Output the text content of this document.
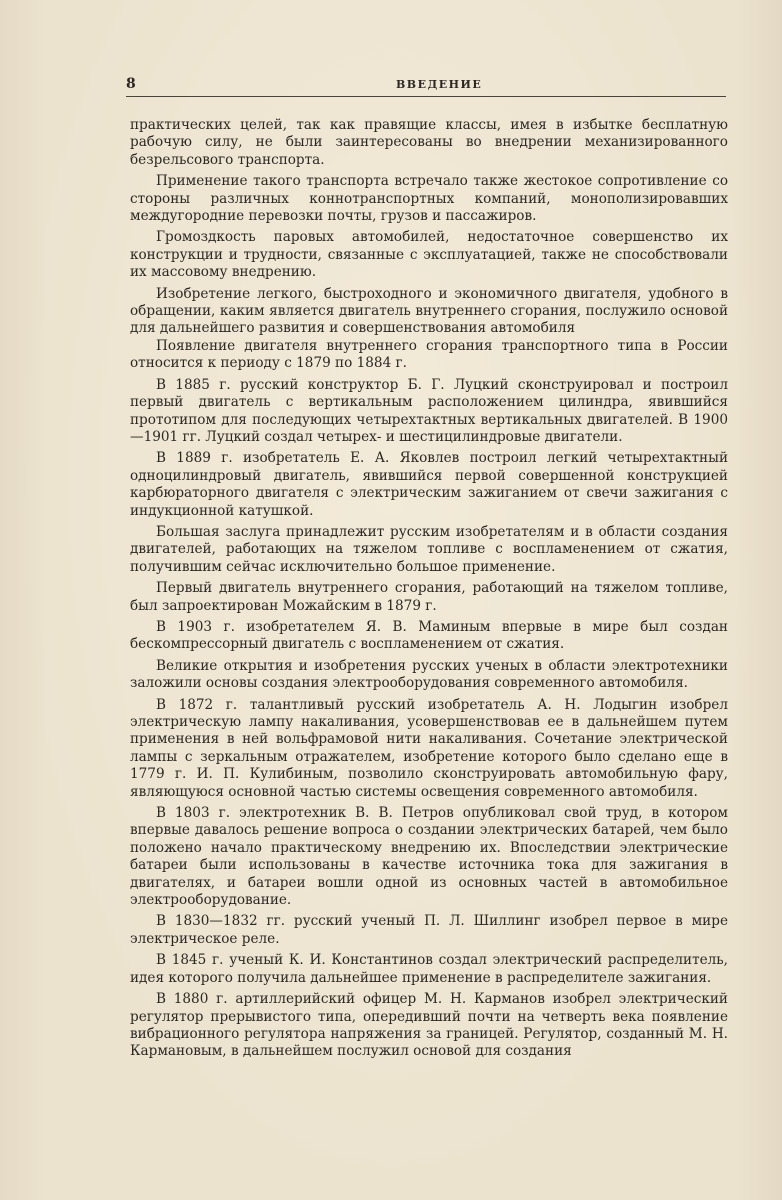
8	ВВЕДЕНИЕ

практических целей, так как правящие классы, имея в избытке бесплатную рабочую силу, не были заинтересованы во внедрении механизированного безрельсового транспорта.

Применение такого транспорта встречало также жестокое сопротивление со стороны различных коннотранспортных компаний, монополизировавших междугородние перевозки почты, грузов и пассажиров.

Громоздкость паровых автомобилей, недостаточное совершенство их конструкции и трудности, связанные с эксплуатацией, также не способствовали их массовому внедрению.

Изобретение легкого, быстроходного и экономичного двигателя, удобного в обращении, каким является двигатель внутреннего сгорания, послужило основой для дальнейшего развития и совершенствования автомобиля

Появление двигателя внутреннего сгорания транспортного типа в России относится к периоду с 1879 по 1884 г.

В 1885 г. русский конструктор Б. Г. Луцкий сконструировал и построил первый двигатель с вертикальным расположением цилиндра, явившийся прототипом для последующих четырехтактных вертикальных двигателей. В 1900—1901 гг. Луцкий создал четырех- и шестицилиндровые двигатели.

В 1889 г. изобретатель Е. А. Яковлев построил легкий четырехтактный одноцилиндровый двигатель, явившийся первой совершенной конструкцией карбюраторного двигателя с электрическим зажиганием от свечи зажигания с индукционной катушкой.

Большая заслуга принадлежит русским изобретателям и в области создания двигателей, работающих на тяжелом топливе с воспламенением от сжатия, получившим сейчас исключительно большое применение.

Первый двигатель внутреннего сгорания, работающий на тяжелом топливе, был запроектирован Можайским в 1879 г.

В 1903 г. изобретателем Я. В. Маминым впервые в мире был создан бескомпрессорный двигатель с воспламенением от сжатия.

Великие открытия и изобретения русских ученых в области электротехники заложили основы создания электрооборудования современного автомобиля.

В 1872 г. талантливый русский изобретатель А. Н. Лодыгин изобрел электрическую лампу накаливания, усовершенствовав ее в дальнейшем путем применения в ней вольфрамовой нити накаливания. Сочетание электрической лампы с зеркальным отражателем, изобретение которого было сделано еще в 1779 г. И. П. Кулибиным, позволило сконструировать автомобильную фару, являющуюся основной частью системы освещения современного автомобиля.

В 1803 г. электротехник В. В. Петров опубликовал свой труд, в котором впервые давалось решение вопроса о создании электрических батарей, чем было положено начало практическому внедрению их. Впоследствии электрические батареи были использованы в качестве источника тока для зажигания в двигателях, и батареи вошли одной из основных частей в автомобильное электрооборудование.

В 1830—1832 гг. русский ученый П. Л. Шиллинг изобрел первое в мире электрическое реле.

В 1845 г. ученый К. И. Константинов создал электрический распределитель, идея которого получила дальнейшее применение в распределителе зажигания.

В 1880 г. артиллерийский офицер М. Н. Карманов изобрел электрический регулятор прерывистого типа, опередивший почти на четверть века появление вибрационного регулятора напряжения за границей. Регулятор, созданный М. Н. Кармановым, в дальнейшем послужил основой для создания
